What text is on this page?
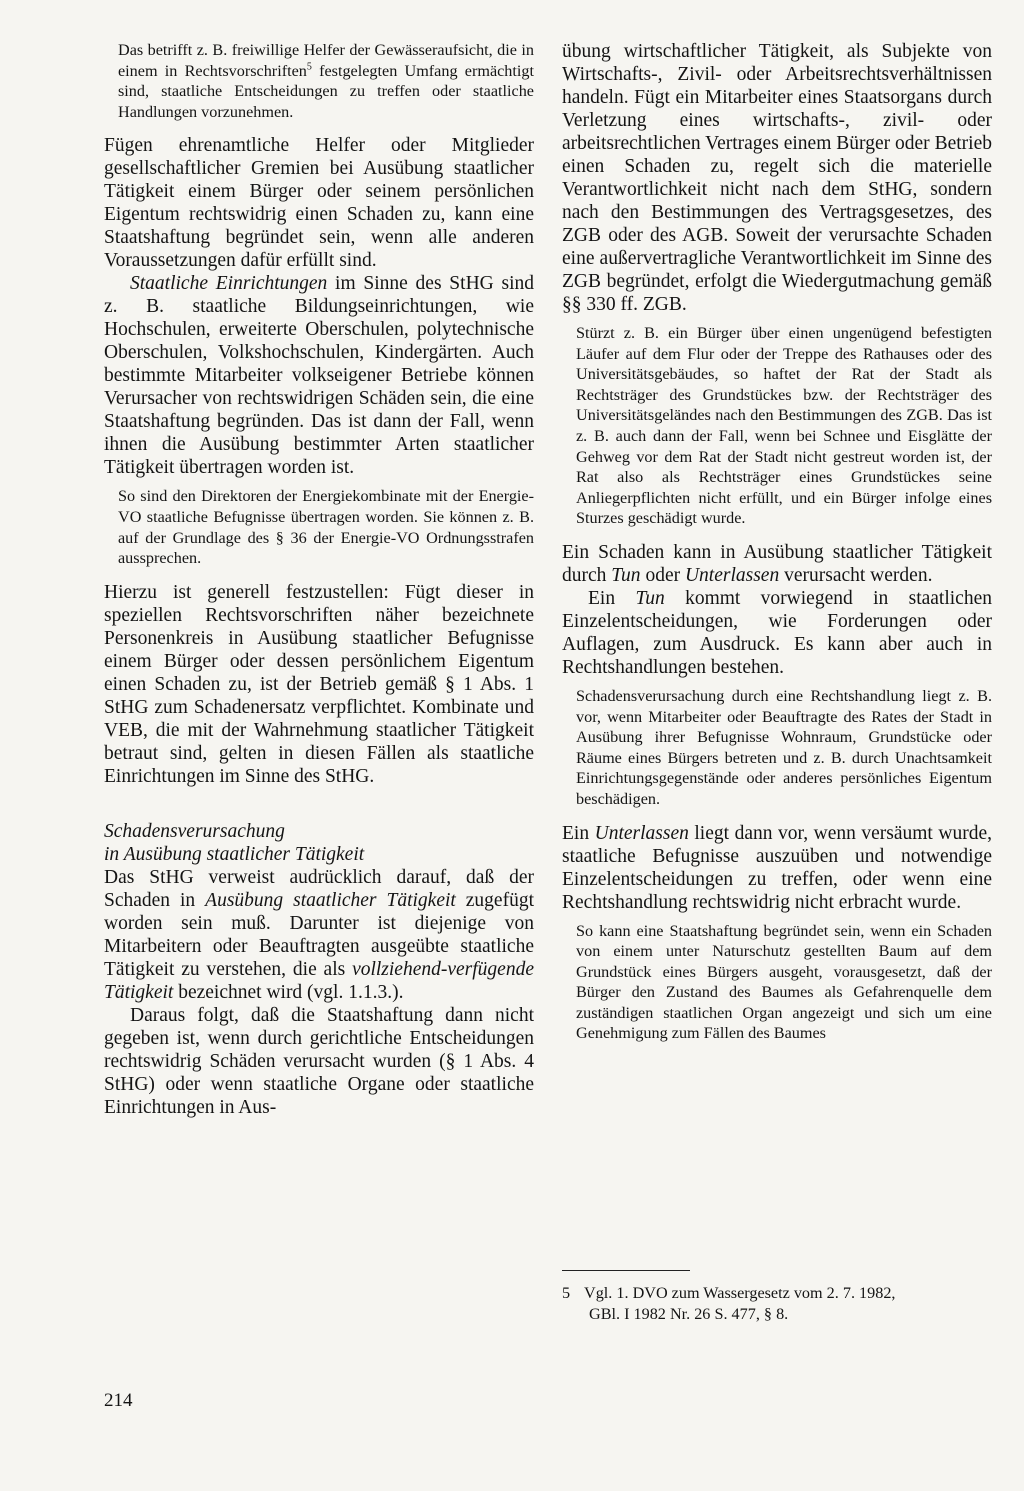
Das betrifft z. B. freiwillige Helfer der Gewässeraufsicht, die in einem in Rechtsvorschriften$^5$ festgelegten Umfang ermächtigt sind, staatliche Entscheidungen zu treffen oder staatliche Handlungen vorzunehmen.

Fügen ehrenamtliche Helfer oder Mitglieder gesellschaftlicher Gremien bei Ausübung staatlicher Tätigkeit einem Bürger oder seinem persönlichen Eigentum rechtswidrig einen Schaden zu, kann eine Staatshaftung begründet sein, wenn alle anderen Voraussetzungen dafür erfüllt sind.

Staatliche Einrichtungen im Sinne des StHG sind z. B. staatliche Bildungseinrichtungen, wie Hochschulen, erweiterte Oberschulen, polytechnische Oberschulen, Volkshochschulen, Kindergärten. Auch bestimmte Mitarbeiter volkseigener Betriebe können Verursacher von rechtswidrigen Schäden sein, die eine Staatshaftung begründen. Das ist dann der Fall, wenn ihnen die Ausübung bestimmter Arten staatlicher Tätigkeit übertragen worden ist.

So sind den Direktoren der Energiekombinate mit der Energie-VO staatliche Befugnisse übertragen worden. Sie können z. B. auf der Grundlage des § 36 der Energie-VO Ordnungsstrafen aussprechen.

Hierzu ist generell festzustellen: Fügt dieser in speziellen Rechtsvorschriften näher bezeichnete Personenkreis in Ausübung staatlicher Befugnisse einem Bürger oder dessen persönlichem Eigentum einen Schaden zu, ist der Betrieb gemäß § 1 Abs. 1 StHG zum Schadenersatz verpflichtet. Kombinate und VEB, die mit der Wahrnehmung staatlicher Tätigkeit betraut sind, gelten in diesen Fällen als staatliche Einrichtungen im Sinne des StHG.

Schadensverursachung
in Ausübung staatlicher Tätigkeit

Das StHG verweist audrücklich darauf, daß der Schaden in Ausübung staatlicher Tätigkeit zugefügt worden sein muß. Darunter ist diejenige von Mitarbeitern oder Beauftragten ausgeübte staatliche Tätigkeit zu verstehen, die als vollziehend-verfügende Tätigkeit bezeichnet wird (vgl. 1.1.3.).

Daraus folgt, daß die Staatshaftung dann nicht gegeben ist, wenn durch gerichtliche Entscheidungen rechtswidrig Schäden verursacht wurden (§ 1 Abs. 4 StHG) oder wenn staatliche Organe oder staatliche Einrichtungen in Aus-

übung wirtschaftlicher Tätigkeit, als Subjekte von Wirtschafts-, Zivil- oder Arbeitsrechtsverhältnissen handeln. Fügt ein Mitarbeiter eines Staatsorgans durch Verletzung eines wirtschafts-, zivil- oder arbeitsrechtlichen Vertrages einem Bürger oder Betrieb einen Schaden zu, regelt sich die materielle Verantwortlichkeit nicht nach dem StHG, sondern nach den Bestimmungen des Vertragsgesetzes, des ZGB oder des AGB. Soweit der verursachte Schaden eine außervertragliche Verantwortlichkeit im Sinne des ZGB begründet, erfolgt die Wiedergutmachung gemäß §§ 330 ff. ZGB.

Stürzt z. B. ein Bürger über einen ungenügend befestigten Läufer auf dem Flur oder der Treppe des Rathauses oder des Universitätsgebäudes, so haftet der Rat der Stadt als Rechtsträger des Grundstückes bzw. der Rechtsträger des Universitätsgeländes nach den Bestimmungen des ZGB. Das ist z. B. auch dann der Fall, wenn bei Schnee und Eisglätte der Gehweg vor dem Rat der Stadt nicht gestreut worden ist, der Rat also als Rechtsträger eines Grundstückes seine Anliegerpflichten nicht erfüllt, und ein Bürger infolge eines Sturzes geschädigt wurde.

Ein Schaden kann in Ausübung staatlicher Tätigkeit durch Tun oder Unterlassen verursacht werden.

Ein Tun kommt vorwiegend in staatlichen Einzelentscheidungen, wie Forderungen oder Auflagen, zum Ausdruck. Es kann aber auch in Rechtshandlungen bestehen.

Schadensverursachung durch eine Rechtshandlung liegt z. B. vor, wenn Mitarbeiter oder Beauftragte des Rates der Stadt in Ausübung ihrer Befugnisse Wohnraum, Grundstücke oder Räume eines Bürgers betreten und z. B. durch Unachtsamkeit Einrichtungsgegenstände oder anderes persönliches Eigentum beschädigen.

Ein Unterlassen liegt dann vor, wenn versäumt wurde, staatliche Befugnisse auszuüben und notwendige Einzelentscheidungen zu treffen, oder wenn eine Rechtshandlung rechtswidrig nicht erbracht wurde.

So kann eine Staatshaftung begründet sein, wenn ein Schaden von einem unter Naturschutz gestellten Baum auf dem Grundstück eines Bürgers ausgeht, vorausgesetzt, daß der Bürger den Zustand des Baumes als Gefahrenquelle dem zuständigen staatlichen Organ angezeigt und sich um eine Genehmigung zum Fällen des Baumes

5 Vgl. 1. DVO zum Wassergesetz vom 2. 7. 1982,
GBl. I 1982 Nr. 26 S. 477, § 8.
214
